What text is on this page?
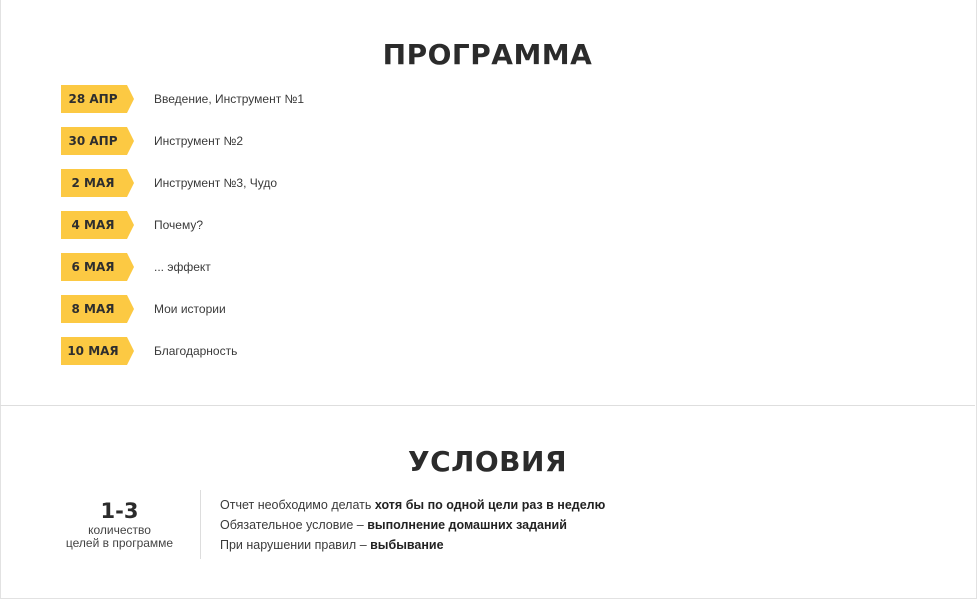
ПРОГРАММА
28 АПР	Введение, Инструмент №1
30 АПР	Инструмент №2
2 МАЯ	Инструмент №3, Чудо
4 МАЯ	Почему?
6 МАЯ	... эффект
8 МАЯ	Мои истории
10 МАЯ	Благодарность
УСЛОВИЯ
1-3
количество
целей в программе
Отчет необходимо делать хотя бы по одной цели раз в неделю
Обязательное условие – выполнение домашних заданий
При нарушении правил – выбывание
